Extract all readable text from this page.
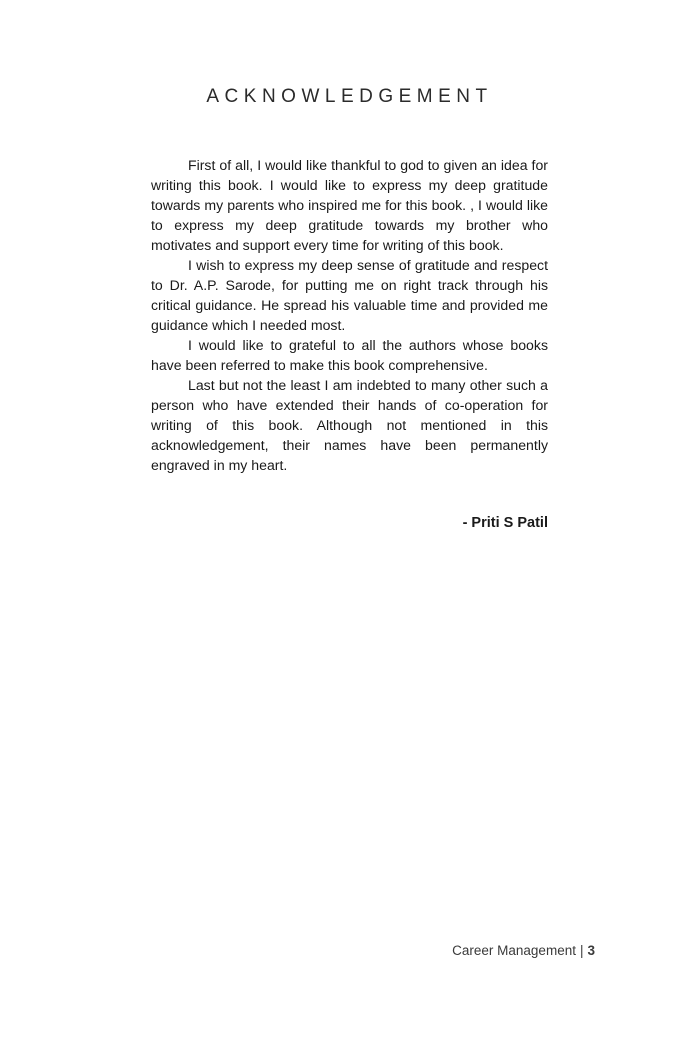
ACKNOWLEDGEMENT

First of all, I would like thankful to god to given an idea for writing this book. I would like to express my deep gratitude towards my parents who inspired me for this book. , I would like to express my deep gratitude towards my brother who motivates and support every time for writing of this book.

I wish to express my deep sense of gratitude and respect to Dr. A.P. Sarode, for putting me on right track through his critical guidance. He spread his valuable time and provided me guidance which I needed most.

I would like to grateful to all the authors whose books have been referred to make this book comprehensive.

Last but not the least I am indebted to many other such a person who have extended their hands of co-operation for writing of this book. Although not mentioned in this acknowledgement, their names have been permanently engraved in my heart.

- Priti S Patil
Career Management | 3
